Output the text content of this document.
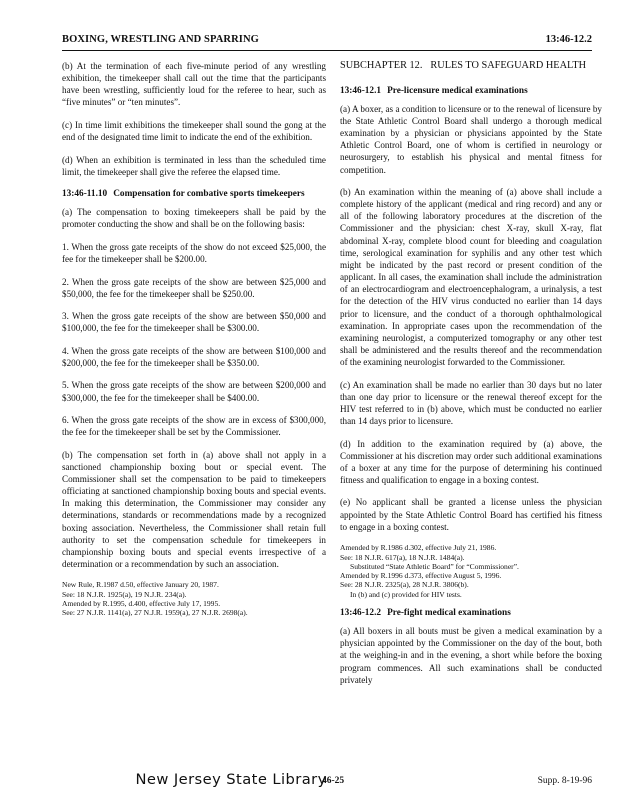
BOXING, WRESTLING AND SPARRING	13:46-12.2

(b) At the termination of each five-minute period of any wrestling exhibition, the timekeeper shall call out the time that the participants have been wrestling, sufficiently loud for the referee to hear, such as “five minutes” or “ten minutes”.

(c) In time limit exhibitions the timekeeper shall sound the gong at the end of the designated time limit to indicate the end of the exhibition.

(d) When an exhibition is terminated in less than the scheduled time limit, the timekeeper shall give the referee the elapsed time.

13:46-11.10 Compensation for combative sports timekeepers

(a) The compensation to boxing timekeepers shall be paid by the promoter conducting the show and shall be on the following basis:

1. When the gross gate receipts of the show do not exceed $25,000, the fee for the timekeeper shall be $200.00.

2. When the gross gate receipts of the show are between $25,000 and $50,000, the fee for the timekeeper shall be $250.00.

3. When the gross gate receipts of the show are between $50,000 and $100,000, the fee for the timekeeper shall be $300.00.

4. When the gross gate receipts of the show are between $100,000 and $200,000, the fee for the timekeeper shall be $350.00.

5. When the gross gate receipts of the show are between $200,000 and $300,000, the fee for the timekeeper shall be $400.00.

6. When the gross gate receipts of the show are in excess of $300,000, the fee for the timekeeper shall be set by the Commissioner.

(b) The compensation set forth in (a) above shall not apply in a sanctioned championship boxing bout or special event. The Commissioner shall set the compensation to be paid to timekeepers officiating at sanctioned championship boxing bouts and special events. In making this determination, the Commissioner may consider any determinations, standards or recommendations made by a recognized boxing association. Nevertheless, the Commissioner shall retain full authority to set the compensation schedule for timekeepers in championship boxing bouts and special events irrespective of a determination or a recommendation by such an association.

New Rule, R.1987 d.50, effective January 20, 1987.
See: 18 N.J.R. 1925(a), 19 N.J.R. 234(a).
Amended by R.1995, d.400, effective July 17, 1995.
See: 27 N.J.R. 1141(a), 27 N.J.R. 1959(a), 27 N.J.R. 2698(a).
SUBCHAPTER 12. RULES TO SAFEGUARD HEALTH
13:46-12.1 Pre-licensure medical examinations

(a) A boxer, as a condition to licensure or to the renewal of licensure by the State Athletic Control Board shall undergo a thorough medical examination by a physician or physicians appointed by the State Athletic Control Board, one of whom is certified in neurology or neurosurgery, to establish his physical and mental fitness for competition.

(b) An examination within the meaning of (a) above shall include a complete history of the applicant (medical and ring record) and any or all of the following laboratory procedures at the discretion of the Commissioner and the physician: chest X-ray, skull X-ray, flat abdominal X-ray, complete blood count for bleeding and coagulation time, serological examination for syphilis and any other test which might be indicated by the past record or present condition of the applicant. In all cases, the examination shall include the administration of an electrocardiogram and electroencephalogram, a urinalysis, a test for the detection of the HIV virus conducted no earlier than 14 days prior to licensure, and the conduct of a thorough ophthalmological examination. In appropriate cases upon the recommendation of the examining neurologist, a computerized tomography or any other test shall be administered and the results thereof and the recommendation of the examining neurologist forwarded to the Commissioner.

(c) An examination shall be made no earlier than 30 days but no later than one day prior to licensure or the renewal thereof except for the HIV test referred to in (b) above, which must be conducted no earlier than 14 days prior to licensure.

(d) In addition to the examination required by (a) above, the Commissioner at his discretion may order such additional examinations of a boxer at any time for the purpose of determining his continued fitness and qualification to engage in a boxing contest.

(e) No applicant shall be granted a license unless the physician appointed by the State Athletic Control Board has certified his fitness to engage in a boxing contest.

Amended by R.1986 d.302, effective July 21, 1986.
See: 18 N.J.R. 617(a), 18 N.J.R. 1484(a).
Substituted “State Athletic Board” for “Commissioner”.
Amended by R.1996 d.373, effective August 5, 1996.
See: 28 N.J.R. 2325(a), 28 N.J.R. 3806(b).
In (b) and (c) provided for HIV tests.
13:46-12.2 Pre-fight medical examinations

(a) All boxers in all bouts must be given a medical examination by a physician appointed by the Commissioner on the day of the bout, both at the weighing-in and in the evening, a short while before the boxing program commences. All such examinations shall be conducted privately

New Jersey State Library
46-25	Supp. 8-19-96
